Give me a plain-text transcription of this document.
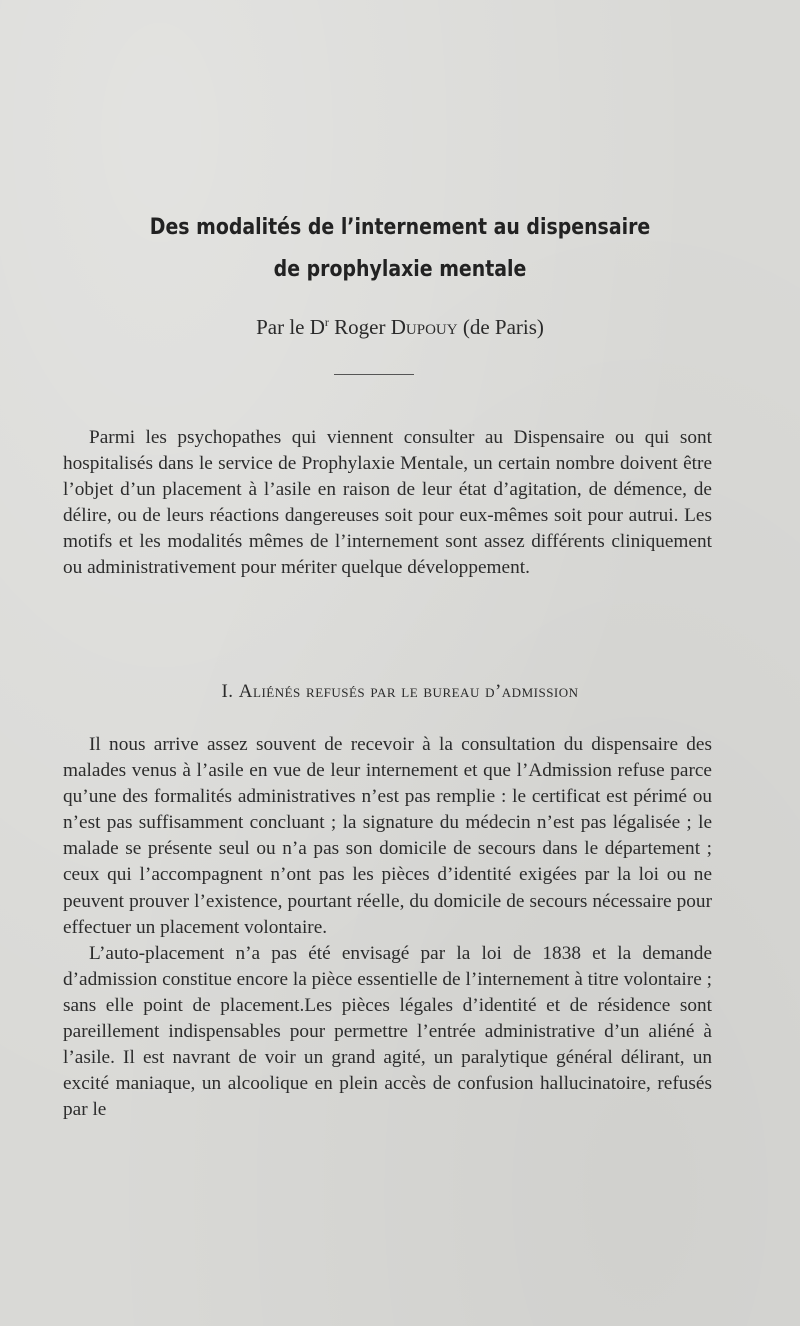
Des modalités de l’internement au dispensaire
de prophylaxie mentale
Par le $D^r$ Roger Dupouy (de Paris)

Parmi les psychopathes qui viennent consulter au Dispensaire ou qui sont hospitalisés dans le service de Prophylaxie Mentale, un certain nombre doivent être l’objet d’un placement à l’asile en raison de leur état d’agitation, de démence, de délire, ou de leurs réactions dangereuses soit pour eux-mêmes soit pour autrui. Les motifs et les modalités mêmes de l’internement sont assez différents cliniquement ou administrativement pour mériter quelque développement.

I. Aliénés refusés par le bureau d’admission

Il nous arrive assez souvent de recevoir à la consultation du dispensaire des malades venus à l’asile en vue de leur internement et que l’Admission refuse parce qu’une des formalités administratives n’est pas remplie : le certificat est périmé ou n’est pas suffisamment concluant ; la signature du médecin n’est pas légalisée ; le malade se présente seul ou n’a pas son domicile de secours dans le département ; ceux qui l’accompagnent n’ont pas les pièces d’identité exigées par la loi ou ne peuvent prouver l’existence, pourtant réelle, du domicile de secours nécessaire pour effectuer un placement volontaire.

L’auto-placement n’a pas été envisagé par la loi de 1838 et la demande d’admission constitue encore la pièce essentielle de l’internement à titre volontaire ; sans elle point de placement.Les pièces légales d’identité et de résidence sont pareillement indispensables pour permettre l’entrée administrative d’un aliéné à l’asile. Il est navrant de voir un grand agité, un paralytique général délirant, un excité maniaque, un alcoolique en plein accès de confusion hallucinatoire, refusés par le
